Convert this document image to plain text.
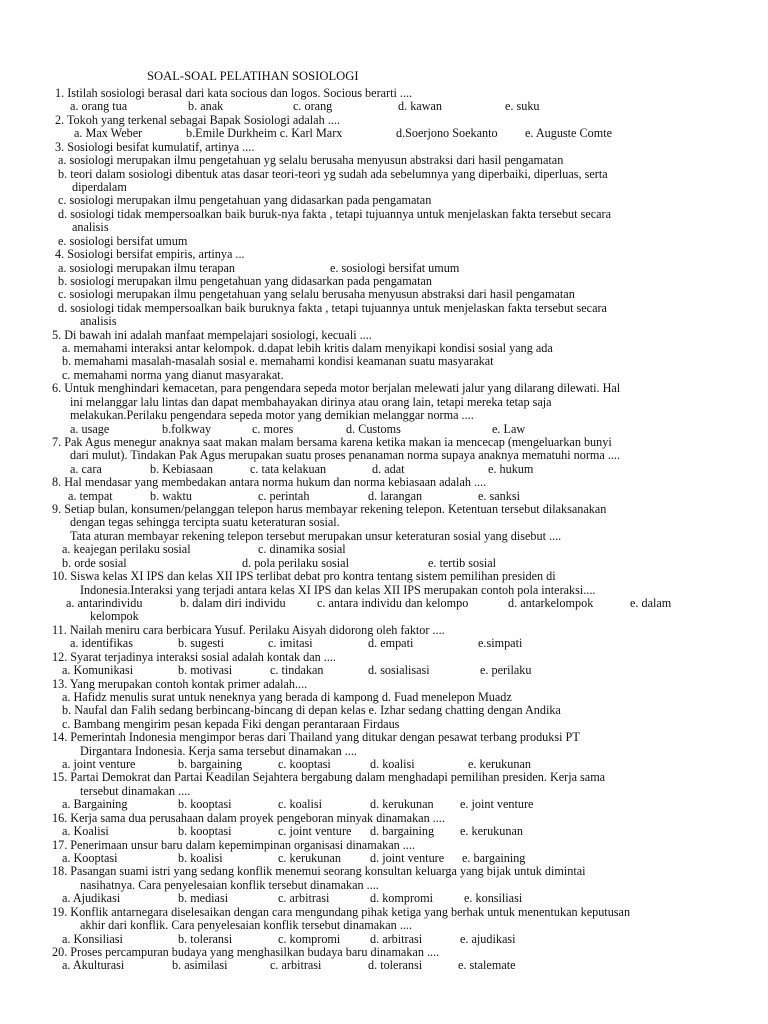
SOAL-SOAL PELATIHAN SOSIOLOGI
1. Istilah sosiologi berasal dari kata socious dan logos. Socious berarti ....
a. orang tua	b. anak	c. orang	d. kawan	e. suku
2. Tokoh yang terkenal sebagai Bapak Sosiologi adalah ....
a. Max Weber	b.Emile Durkheim c. Karl Marx	d.Soerjono Soekanto e. Auguste Comte
3. Sosiologi besifat kumulatif, artinya ....
a. sosiologi merupakan ilmu pengetahuan yg selalu berusaha menyusun abstraksi dari hasil pengamatan
b. teori dalam sosiologi dibentuk atas dasar teori-teori yg sudah ada sebelumnya yang diperbaiki, diperluas, serta
diperdalam
c. sosiologi merupakan ilmu pengetahuan yang didasarkan pada pengamatan
d. sosiologi tidak mempersoalkan baik buruk-nya fakta , tetapi tujuannya untuk menjelaskan fakta tersebut secara
analisis
e. sosiologi bersifat umum
4. Sosiologi bersifat empiris, artinya ...
a. sosiologi merupakan ilmu terapan	e. sosiologi bersifat umum
b. sosiologi merupakan ilmu pengetahuan yang didasarkan pada pengamatan
c. sosiologi merupakan ilmu pengetahuan yang selalu berusaha menyusun abstraksi dari hasil pengamatan
d. sosiologi tidak mempersoalkan baik buruknya fakta , tetapi tujuannya untuk menjelaskan fakta tersebut secara
analisis
5. Di bawah ini adalah manfaat mempelajari sosiologi, kecuali ....
a. memahami interaksi antar kelompok. d.dapat lebih kritis dalam menyikapi kondisi sosial yang ada
b. memahami masalah-masalah sosial e. memahami kondisi keamanan suatu masyarakat
c. memahami norma yang dianut masyarakat.
6. Untuk menghindari kemacetan, para pengendara sepeda motor berjalan melewati jalur yang dilarang dilewati. Hal
ini melanggar lalu lintas dan dapat membahayakan dirinya atau orang lain, tetapi mereka tetap saja
melakukan.Perilaku pengendara sepeda motor yang demikian melanggar norma ....
a. usage	b.folkway	c. mores	d. Customs	e. Law
7. Pak Agus menegur anaknya saat makan malam bersama karena ketika makan ia mencecap (mengeluarkan bunyi
dari mulut). Tindakan Pak Agus merupakan suatu proses penanaman norma supaya anaknya mematuhi norma ....
a. cara	b. Kebiasaan	c. tata kelakuan	d. adat	e. hukum
8. Hal mendasar yang membedakan antara norma hukum dan norma kebiasaan adalah ....
a. tempat	b. waktu	c. perintah	d. larangan	e. sanksi
9. Setiap bulan, konsumen/pelanggan telepon harus membayar rekening telepon. Ketentuan tersebut dilaksanakan
dengan tegas sehingga tercipta suatu keteraturan sosial.
Tata aturan membayar rekening telepon tersebut merupakan unsur keteraturan sosial yang disebut ....
a. keajegan perilaku sosial	c. dinamika sosial
b. orde sosial	d. pola perilaku sosial	e. tertib sosial
10. Siswa kelas XI IPS dan kelas XII IPS terlibat debat pro kontra tentang sistem pemilihan presiden di
Indonesia.Interaksi yang terjadi antara kelas XI IPS dan kelas XII IPS merupakan contoh pola interaksi....
a. antarindividu	b. dalam diri individu	c. antara individu dan kelompo	d. antarkelompok	e. dalam
kelompok
11. Nailah meniru cara berbicara Yusuf. Perilaku Aisyah didorong oleh faktor ....
a. identifikas	b. sugesti	c. imitasi	d. empati	e.simpati
12. Syarat terjadinya interaksi sosial adalah kontak dan ....
a. Komunikasi	b. motivasi	c. tindakan	d. sosialisasi	e. perilaku
13. Yang merupakan contoh kontak primer adalah....
a. Hafidz menulis surat untuk neneknya yang berada di kampong d. Fuad menelepon Muadz
b. Naufal dan Falih sedang berbincang-bincang di depan kelas e. Izhar sedang chatting dengan Andika
c. Bambang mengirim pesan kepada Fiki dengan perantaraan Firdaus
14. Pemerintah Indonesia mengimpor beras dari Thailand yang ditukar dengan pesawat terbang produksi PT
Dirgantara Indonesia. Kerja sama tersebut dinamakan ....
a. joint venture	b. bargaining	c. kooptasi	d. koalisi	e. kerukunan
15. Partai Demokrat dan Partai Keadilan Sejahtera bergabung dalam menghadapi pemilihan presiden. Kerja sama
tersebut dinamakan ....
a. Bargaining	b. kooptasi	c. koalisi	d. kerukunan e. joint venture
16. Kerja sama dua perusahaan dalam proyek pengeboran minyak dinamakan ....
a. Koalisi	b. kooptasi	c. joint venture d. bargaining e. kerukunan
17. Penerimaan unsur baru dalam kepemimpinan organisasi dinamakan ....
a. Kooptasi	b. koalisi	c. kerukunan d. joint venture e. bargaining
18. Pasangan suami istri yang sedang konflik menemui seorang konsultan keluarga yang bijak untuk dimintai
nasihatnya. Cara penyelesaian konflik tersebut dinamakan ....
a. Ajudikasi	b. mediasi	c. arbitrasi	d. kompromi	e. konsiliasi
19. Konflik antarnegara diselesaikan dengan cara mengundang pihak ketiga yang berhak untuk menentukan keputusan
akhir dari konflik. Cara penyelesaian konflik tersebut dinamakan ....
a. Konsiliasi	b. toleransi	c. kompromi d. arbitrasi	e. ajudikasi
20. Proses percampuran budaya yang menghasilkan budaya baru dinamakan ....
a. Akulturasi	b. asimilasi	c. arbitrasi	d. toleransi	e. stalemate
